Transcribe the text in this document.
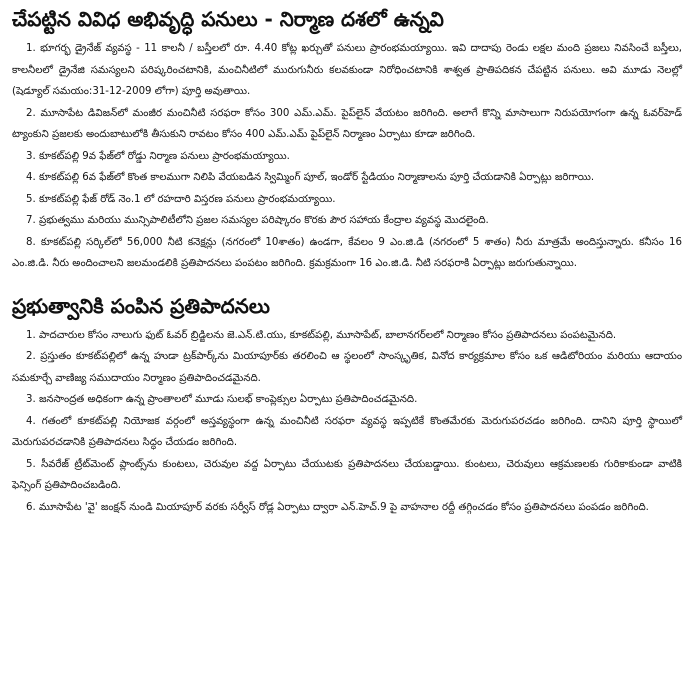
చేపట్టిన వివిధ అభివృద్ధి పనులు - నిర్మాణ దశలో ఉన్నవి

1. భూగర్భ డ్రైనేజ్ వ్యవస్థ - 11 కాలనీ / బస్తీలలో రూ. 4.40 కోట్ల ఖర్చుతో పనులు ప్రారంభమయ్యాయి. ఇవి దాదాపు రెండు లక్షల మంది ప్రజలు నివసించే బస్తీలు, కాలనీలలో డ్రైనేజి సమస్యలని పరిష్కరించటానికి, మంచినీటిలో మురుగునీరు కలవకుండా నిరోధించటానికి శాశ్వత ప్రాతిపదికన చేపట్టిన పనులు. అవి మూడు నెలల్లో (షెడ్యూల్ సమయం:31-12-2009 లోగా) పూర్తి అవుతాయి.

2. మూసాపేట డివిజన్‌లో మంజీర మంచినీటి సరఫరా కోసం 300 ఎమ్.ఎమ్. పైప్‌లైన్ వేయటం జరిగింది. అలాగే కొన్ని మాసాలుగా నిరుపయోగంగా ఉన్న ఓవర్‌హెడ్ ట్యాంకుని ప్రజలకు అందుబాటులోకి తీసుకుని రావటం కోసం 400 ఎమ్.ఎమ్ పైప్‌లైన్ నిర్మాణం ఏర్పాటు కూడా జరిగింది.

3. కూకట్‌పల్లి 9వ ఫేజ్‌లో రోడ్డు నిర్మాణ పనులు ప్రారంభమయ్యాయి.

4. కూకట్‌పల్లి 6వ ఫేజ్‌లో కొంత కాలముగా నిలిపి వేయబడిన స్విమ్మింగ్ పూల్, ఇండోర్ స్టేడియం నిర్మాణాలను పూర్తి చేయడానికి ఏర్పాట్లు జరిగాయి.

5. కూకట్‌పల్లి ఫేజ్ రోడ్ నెం.1 లో రహదారి విస్తరణ పనులు ప్రారంభమయ్యాయి.

7. ప్రభుత్వము మరియు మున్సిపాలిటీలోని ప్రజల సమస్యల పరిష్కారం కొరకు పౌర సహాయ కేంద్రాల వ్యవస్థ మొదలైంది.

8. కూకట్‌పల్లి సర్కిల్‌లో 56,000 నీటి కనెక్షన్లు (నగరంలో 10శాతం) ఉండగా, కేవలం 9 ఎం.జి.డి (నగరంలో 5 శాతం) నీరు మాత్రమే అందిస్తున్నారు. కనీసం 16 ఎం.జి.డి. నీరు అందించాలని జలమండలికి ప్రతిపాదనలు పంపటం జరిగింది. క్రమక్రమంగా 16 ఎం.జి.డి. నీటి సరఫరాకి ఏర్పాట్లు జరుగుతున్నాయి.

ప్రభుత్వానికి పంపిన ప్రతిపాదనలు

1. పాదచారుల కోసం నాలుగు ఫుట్ ఓవర్ బ్రిడ్జిలను జె.ఎన్.టి.యు, కూకట్‌పల్లి, మూసాపేట్, బాలానగర్‌లలో నిర్మాణం కోసం ప్రతిపాదనలు పంపటమైనది.

2. ప్రస్తుతం కూకట్‌పల్లిలో ఉన్న హుడా ట్రక్‌పార్క్‌ను మియాపూర్‌కు తరలించి ఆ స్థలంలో సాంస్కృతిక, వినోద కార్యక్రమాల కోసం ఒక ఆడిటోరియం మరియు ఆదాయం సమకూర్చే వాణిజ్య సముదాయం నిర్మాణం ప్రతిపాదించడమైనది.

3. జనసాంద్రత అధికంగా ఉన్న ప్రాంతాలలో మూడు సులభ్ కాంప్లెక్సుల ఏర్పాటు ప్రతిపాదించడమైనది.

4. గతంలో కూకట్‌పల్లి నియోజక వర్గంలో అస్తవ్యస్థంగా ఉన్న మంచినీటి సరఫరా వ్యవస్థ ఇప్పటికే కొంతమేరకు మెరుగుపరచడం జరిగింది. దానిని పూర్తి స్థాయిలో మెరుగుపరచడానికి ప్రతిపాదనలు సిద్ధం చేయడం జరిగింది.

5. సీవరేజ్ ట్రీట్‌మెంట్ ప్లాంట్స్‌ను కుంటలు, చెరువుల వద్ద ఏర్పాటు చేయుటకు ప్రతిపాదనలు చేయబడ్డాయి. కుంటలు, చెరువులు ఆక్రమణలకు గురికాకుండా వాటికి ఫెన్సింగ్ ప్రతిపాదించబడింది.

6. మూసాపేట 'వై' జంక్షన్ నుండి మియాపూర్ వరకు సర్వీస్ రోడ్ల ఏర్పాటు ద్వారా ఎన్.హెచ్.9 పై వాహనాల రద్దీ తగ్గించడం కోసం ప్రతిపాదనలు పంపడం జరిగింది.
